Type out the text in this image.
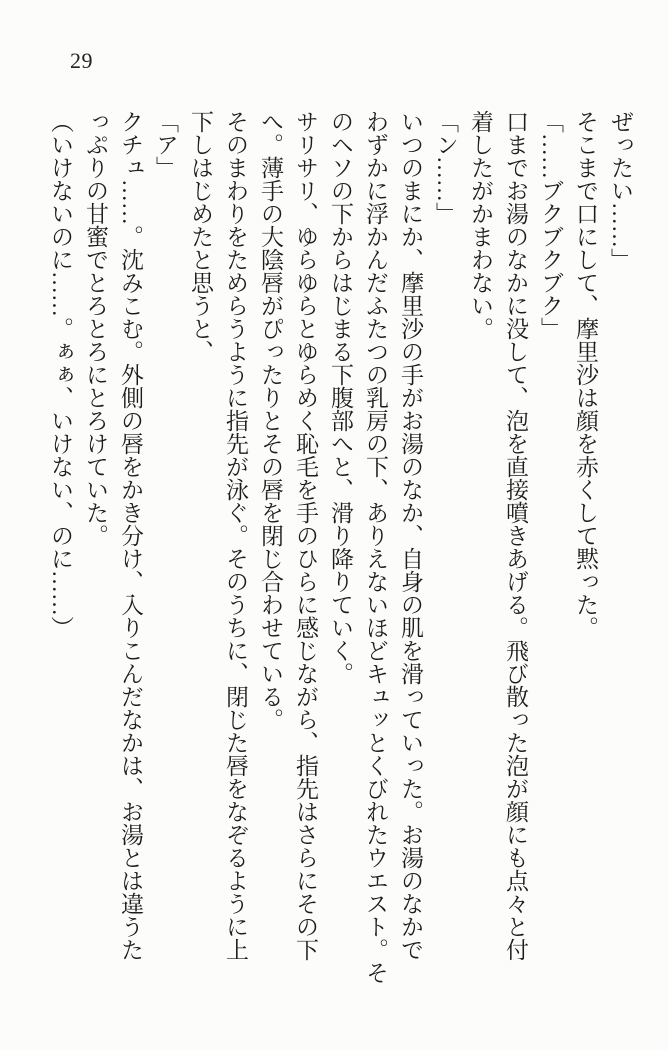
29

ぜったい……」

そこまで口にして、摩里沙は顔を赤くして黙った。

「……ブクブクブク」

口までお湯のなかに没して、泡を直接噴きあげる。飛び散った泡が顔にも点々と付

着したがかまわない。

「ン……」

いつのまにか、摩里沙の手がお湯のなか、自身の肌を滑っていった。お湯のなかで

わずかに浮かんだふたつの乳房の下、ありえないほどキュッとくびれたウエスト。そ

のヘソの下からはじまる下腹部へと、滑り降りていく。

サリサリ、ゆらゆらとゆらめく恥毛を手のひらに感じながら、指先はさらにその下

へ。薄手の大陰唇がぴったりとその唇を閉じ合わせている。

そのまわりをためらうように指先が泳ぐ。そのうちに、閉じた唇をなぞるように上

下しはじめたと思うと、

「ア」

クチュ……。沈みこむ。外側の唇をかき分け、入りこんだなかは、お湯とは違うた

っぷりの甘蜜でとろとろにとろけていた。

（いけないのに……。ぁぁ、いけない、のに……）
